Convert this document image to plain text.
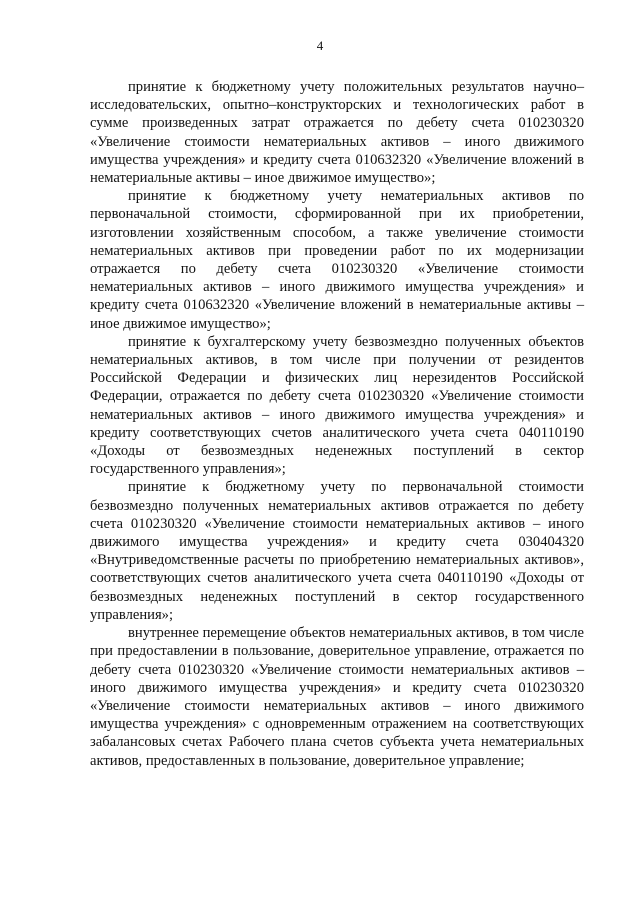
4

принятие к бюджетному учету положительных результатов научно–исследовательских, опытно–конструкторских и технологических работ в сумме произведенных затрат отражается по дебету счета 010230320 «Увеличение стоимости нематериальных активов – иного движимого имущества учреждения» и кредиту счета 010632320 «Увеличение вложений в нематериальные активы – иное движимое имущество»;

принятие к бюджетному учету нематериальных активов по первоначальной стоимости, сформированной при их приобретении, изготовлении хозяйственным способом, а также увеличение стоимости нематериальных активов при проведении работ по их модернизации отражается по дебету счета 010230320 «Увеличение стоимости нематериальных активов – иного движимого имущества учреждения» и кредиту счета 010632320 «Увеличение вложений в нематериальные активы – иное движимое имущество»;

принятие к бухгалтерскому учету безвозмездно полученных объектов нематериальных активов, в том числе при получении от резидентов Российской Федерации и физических лиц нерезидентов Российской Федерации, отражается по дебету счета 010230320 «Увеличение стоимости нематериальных активов – иного движимого имущества учреждения» и кредиту соответствующих счетов аналитического учета счета 040110190 «Доходы от безвозмездных неденежных поступлений в сектор государственного управления»;

принятие к бюджетному учету по первоначальной стоимости безвозмездно полученных нематериальных активов отражается по дебету счета 010230320 «Увеличение стоимости нематериальных активов – иного движимого имущества учреждения» и кредиту счета 030404320 «Внутриведомственные расчеты по приобретению нематериальных активов», соответствующих счетов аналитического учета счета 040110190 «Доходы от безвозмездных неденежных поступлений в сектор государственного управления»;

внутреннее перемещение объектов нематериальных активов, в том числе при предоставлении в пользование, доверительное управление, отражается по дебету счета 010230320 «Увеличение стоимости нематериальных активов – иного движимого имущества учреждения» и кредиту счета 010230320 «Увеличение стоимости нематериальных активов – иного движимого имущества учреждения» с одновременным отражением на соответствующих забалансовых счетах Рабочего плана счетов субъекта учета нематериальных активов, предоставленных в пользование, доверительное управление;
